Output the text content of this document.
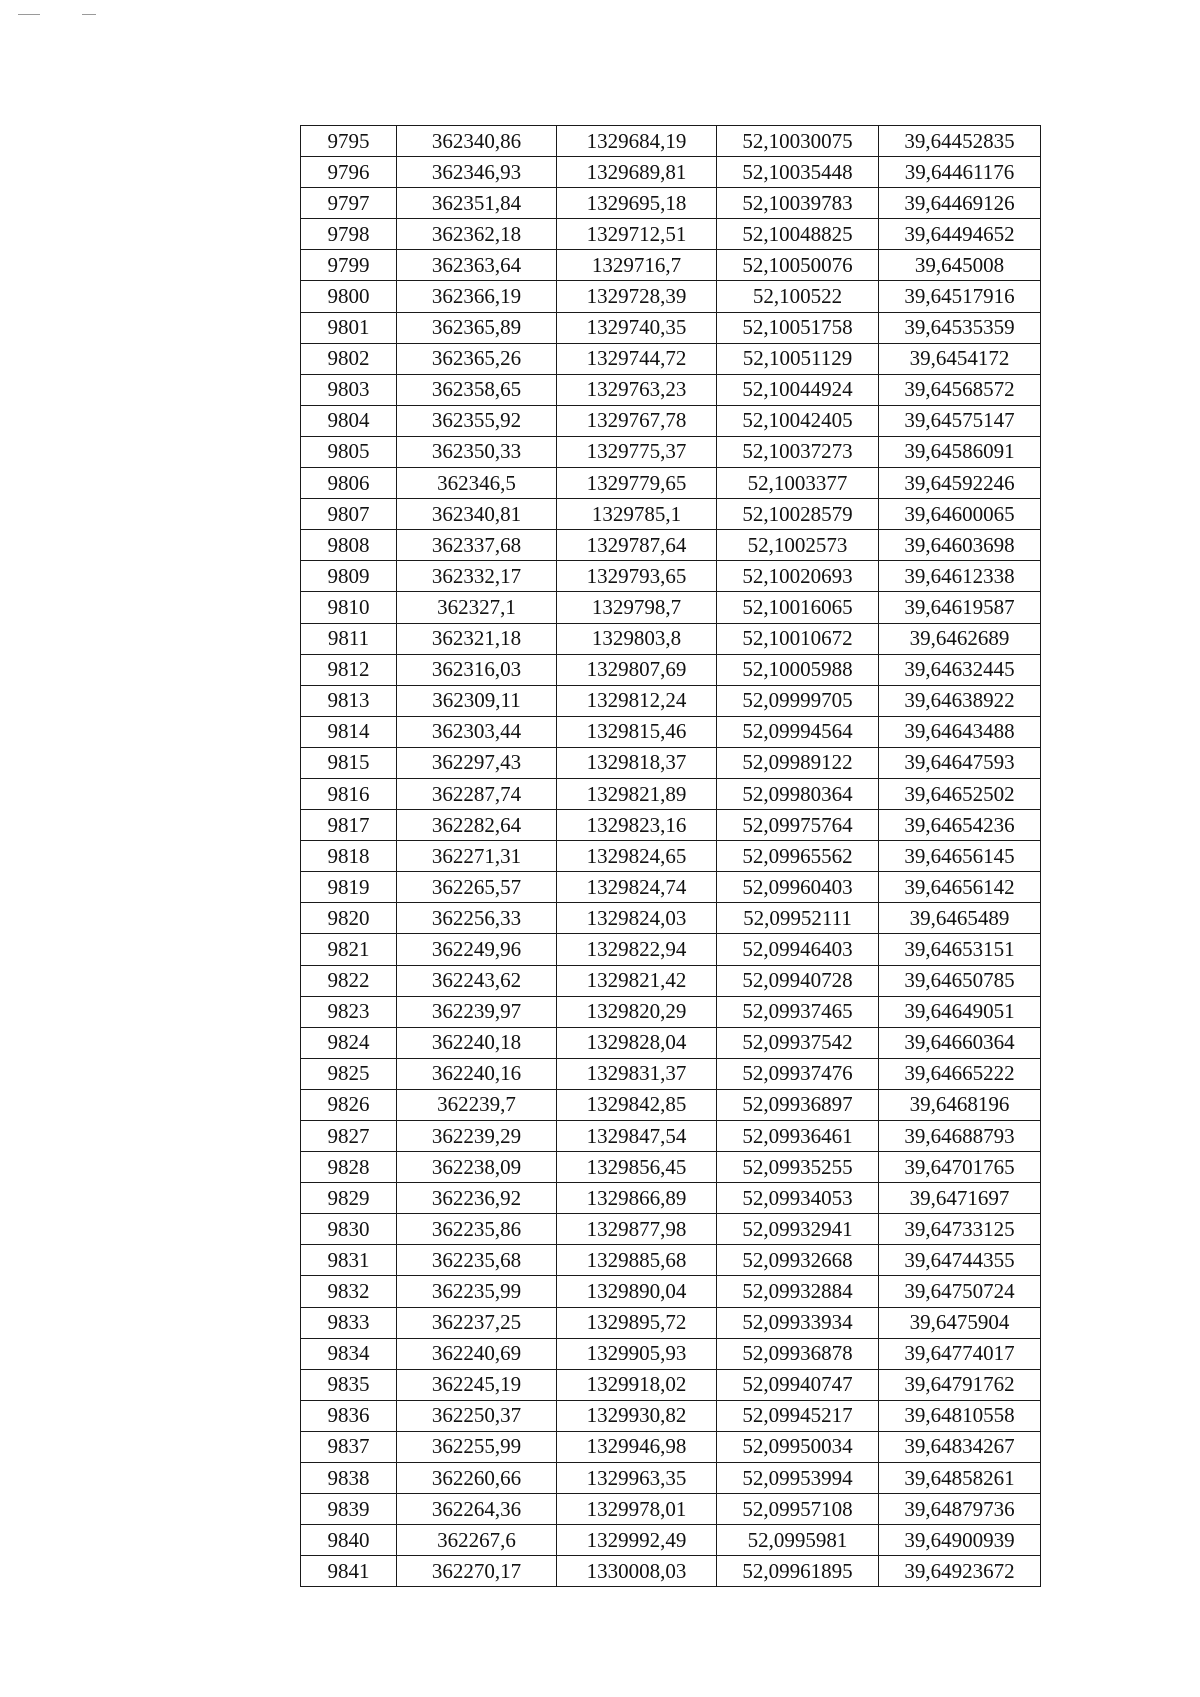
9795	362340,86	1329684,19	52,10030075	39,64452835
9796	362346,93	1329689,81	52,10035448	39,64461176
9797	362351,84	1329695,18	52,10039783	39,64469126
9798	362362,18	1329712,51	52,10048825	39,64494652
9799	362363,64	1329716,7	52,10050076	39,645008
9800	362366,19	1329728,39	52,100522	39,64517916
9801	362365,89	1329740,35	52,10051758	39,64535359
9802	362365,26	1329744,72	52,10051129	39,6454172
9803	362358,65	1329763,23	52,10044924	39,64568572
9804	362355,92	1329767,78	52,10042405	39,64575147
9805	362350,33	1329775,37	52,10037273	39,64586091
9806	362346,5	1329779,65	52,1003377	39,64592246
9807	362340,81	1329785,1	52,10028579	39,64600065
9808	362337,68	1329787,64	52,1002573	39,64603698
9809	362332,17	1329793,65	52,10020693	39,64612338
9810	362327,1	1329798,7	52,10016065	39,64619587
9811	362321,18	1329803,8	52,10010672	39,6462689
9812	362316,03	1329807,69	52,10005988	39,64632445
9813	362309,11	1329812,24	52,09999705	39,64638922
9814	362303,44	1329815,46	52,09994564	39,64643488
9815	362297,43	1329818,37	52,09989122	39,64647593
9816	362287,74	1329821,89	52,09980364	39,64652502
9817	362282,64	1329823,16	52,09975764	39,64654236
9818	362271,31	1329824,65	52,09965562	39,64656145
9819	362265,57	1329824,74	52,09960403	39,64656142
9820	362256,33	1329824,03	52,09952111	39,6465489
9821	362249,96	1329822,94	52,09946403	39,64653151
9822	362243,62	1329821,42	52,09940728	39,64650785
9823	362239,97	1329820,29	52,09937465	39,64649051
9824	362240,18	1329828,04	52,09937542	39,64660364
9825	362240,16	1329831,37	52,09937476	39,64665222
9826	362239,7	1329842,85	52,09936897	39,6468196
9827	362239,29	1329847,54	52,09936461	39,64688793
9828	362238,09	1329856,45	52,09935255	39,64701765
9829	362236,92	1329866,89	52,09934053	39,6471697
9830	362235,86	1329877,98	52,09932941	39,64733125
9831	362235,68	1329885,68	52,09932668	39,64744355
9832	362235,99	1329890,04	52,09932884	39,64750724
9833	362237,25	1329895,72	52,09933934	39,6475904
9834	362240,69	1329905,93	52,09936878	39,64774017
9835	362245,19	1329918,02	52,09940747	39,64791762
9836	362250,37	1329930,82	52,09945217	39,64810558
9837	362255,99	1329946,98	52,09950034	39,64834267
9838	362260,66	1329963,35	52,09953994	39,64858261
9839	362264,36	1329978,01	52,09957108	39,64879736
9840	362267,6	1329992,49	52,0995981	39,64900939
9841	362270,17	1330008,03	52,09961895	39,64923672
